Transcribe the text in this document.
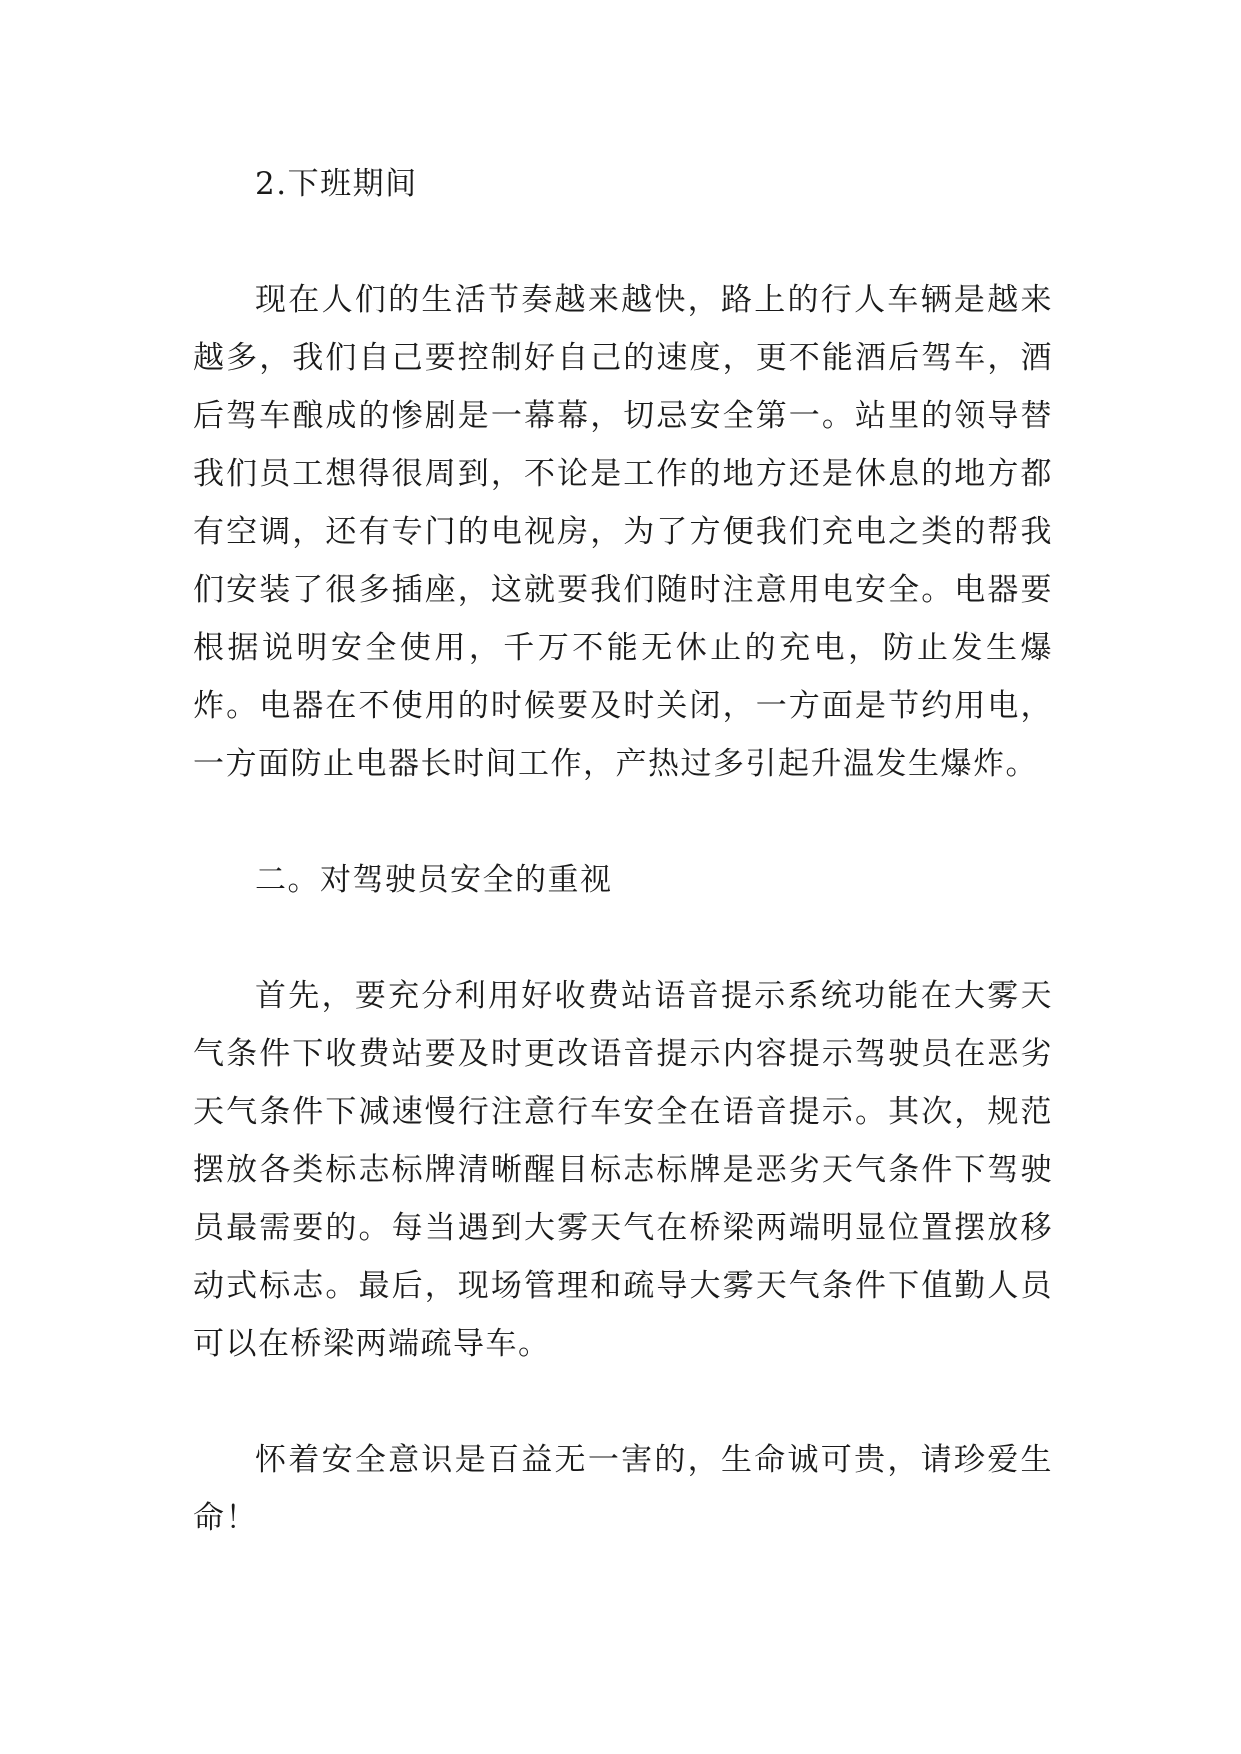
2.下班期间

现在人们的生活节奏越来越快，路上的行人车辆是越来越多，我们自己要控制好自己的速度，更不能酒后驾车，酒后驾车酿成的惨剧是一幕幕，切忌安全第一。站里的领导替我们员工想得很周到，不论是工作的地方还是休息的地方都有空调，还有专门的电视房，为了方便我们充电之类的帮我们安装了很多插座，这就要我们随时注意用电安全。电器要根据说明安全使用，千万不能无休止的充电，防止发生爆炸。电器在不使用的时候要及时关闭，一方面是节约用电，一方面防止电器长时间工作，产热过多引起升温发生爆炸。

二。对驾驶员安全的重视

首先，要充分利用好收费站语音提示系统功能在大雾天气条件下收费站要及时更改语音提示内容提示驾驶员在恶劣天气条件下减速慢行注意行车安全在语音提示。其次，规范摆放各类标志标牌清晰醒目标志标牌是恶劣天气条件下驾驶员最需要的。每当遇到大雾天气在桥梁两端明显位置摆放移动式标志。最后，现场管理和疏导大雾天气条件下值勤人员可以在桥梁两端疏导车。

怀着安全意识是百益无一害的，生命诚可贵，请珍爱生命！
